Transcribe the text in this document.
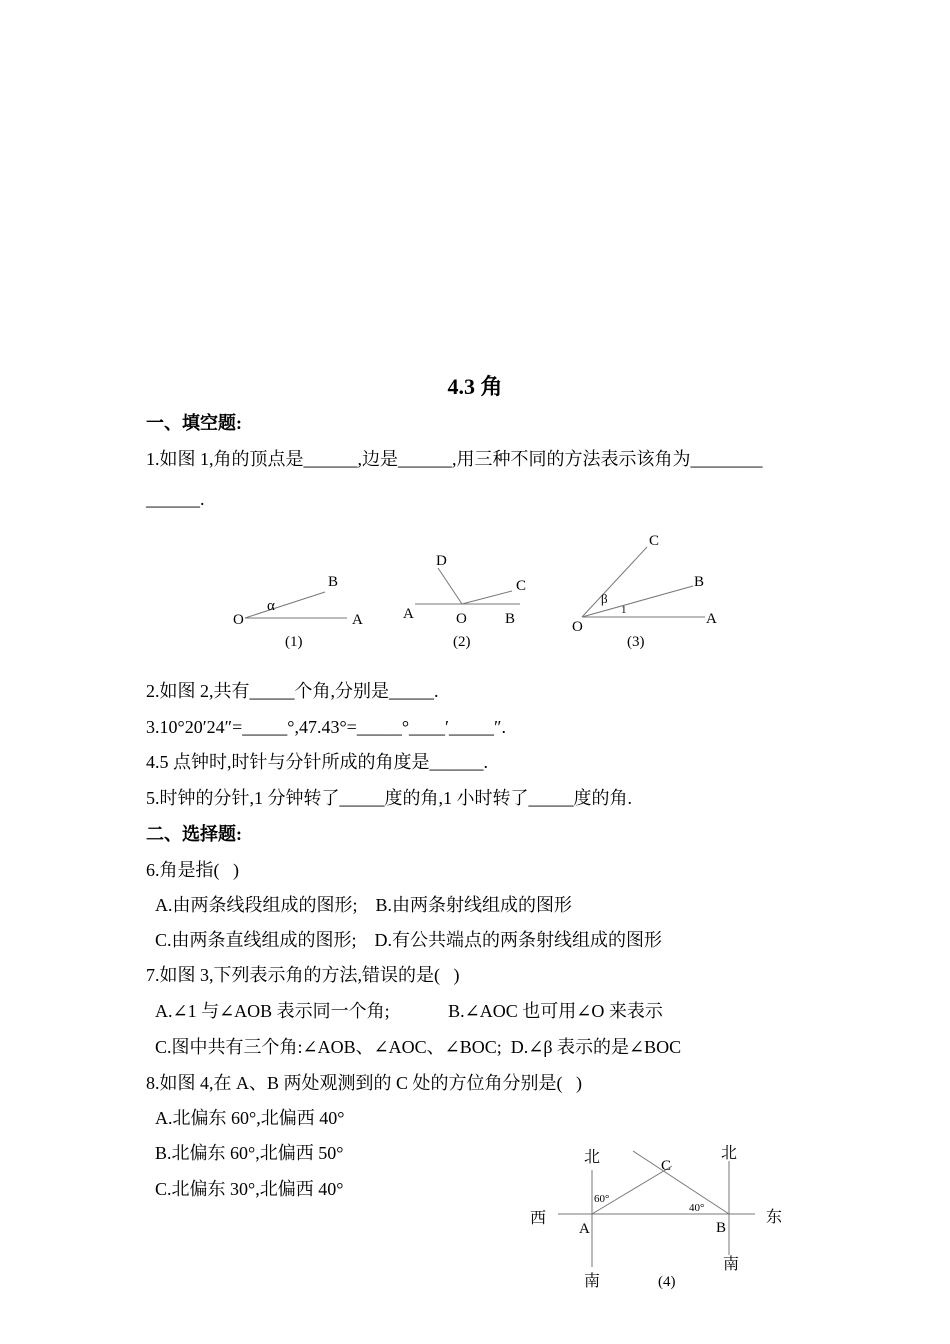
4.3 角
一、填空题:
1.如图 1,角的顶点是______,边是______,用三种不同的方法表示该角为________
______.
O	A
B
α
(1)
D
C
A	O	B
(2)
C
B
A
O
β
1
(3)
2.如图 2,共有_____个角,分别是_____.
3.10°20′24″=_____°,47.43°=_____°____′_____″.
4.5 点钟时,时针与分针所成的角度是______.
5.时钟的分针,1 分钟转了_____度的角,1 小时转了_____度的角.
二、选择题:
6.角是指(   )
A.由两条线段组成的图形;    B.由两条射线组成的图形
C.由两条直线组成的图形;    D.有公共端点的两条射线组成的图形
7.如图 3,下列表示角的方法,错误的是(   )
A.∠1 与∠AOB 表示同一个角;             B.∠AOC 也可用∠O 来表示
C.图中共有三个角:∠AOB、∠AOC、∠BOC;  D.∠β 表示的是∠BOC
8.如图 4,在 A、B 两处观测到的 C 处的方位角分别是(   )
A.北偏东 60°,北偏西 40°
B.北偏东 60°,北偏西 50°
C.北偏东 30°,北偏西 40°
北	北
西	东
南
南
A	B
C
60°
40°
(4)
